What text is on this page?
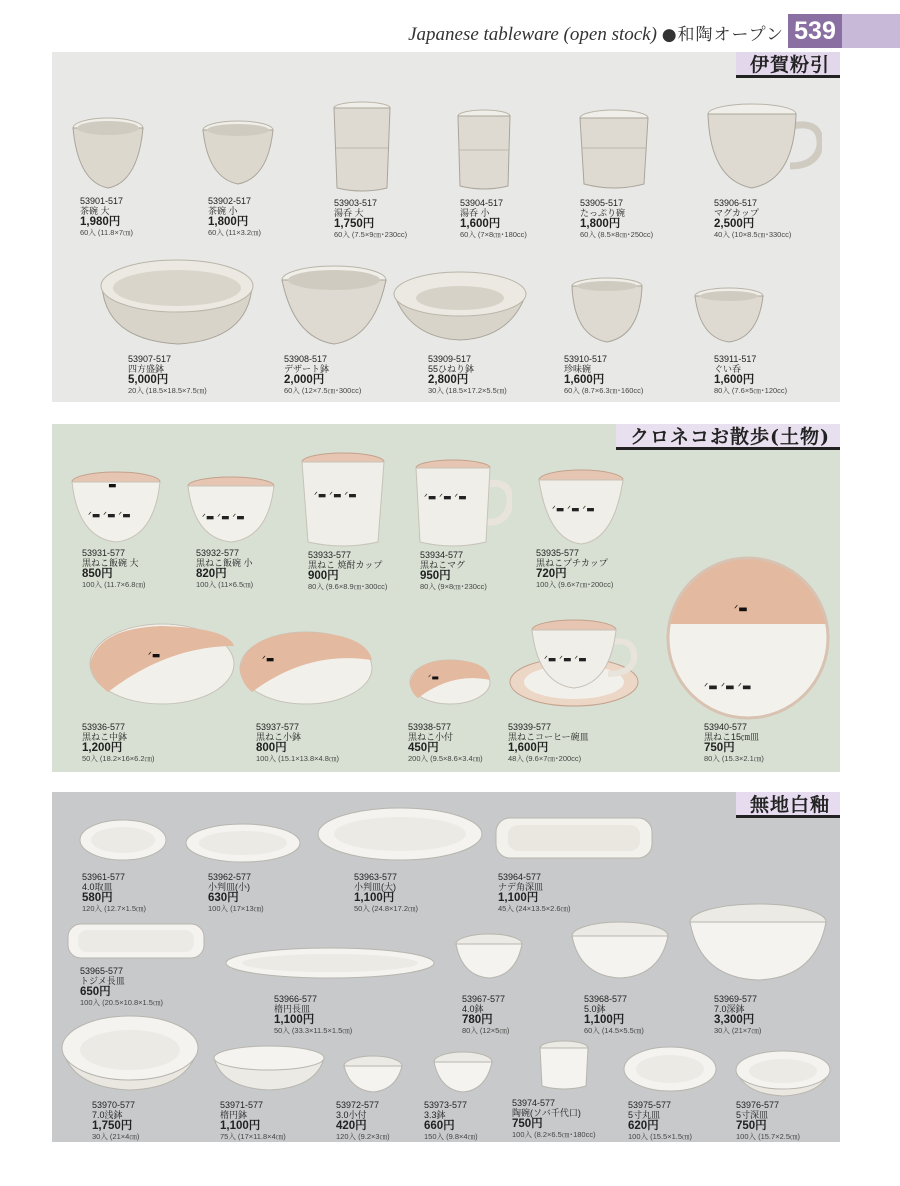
Japanese tableware (open stock) ●和陶オープン 539
伊賀粉引
53901-517
茶碗 大
1,980円
60入 (11.8×7㎝)
53902-517
茶碗 小
1,800円
60入 (11×3.2㎝)
53903-517
湯呑 大
1,750円
60入 (7.5×9㎝･230cc)
53904-517
湯呑 小
1,600円
60入 (7×8㎝･180cc)
53905-517
たっぷり碗
1,800円
60入 (8.5×8㎝･250cc)
53906-517
マグカップ
2,500円
40入 (10×8.5㎝･330cc)
53907-517
四方盛鉢
5,000円
20入 (18.5×18.5×7.5㎝)
53908-517
デザート鉢
2,000円
60入 (12×7.5㎝･300cc)
53909-517
55ひねり鉢
2,800円
30入 (18.5×17.2×5.5㎝)
53910-517
珍味碗
1,600円
60入 (8.7×6.3㎝･160cc)
53911-517
ぐい呑
1,600円
80入 (7.6×5㎝･120cc)
クロネコお散歩(土物)
ᐟ▬ ᐟ▬ ᐟ▬
▬
53931-577
黒ねこ飯碗 大
850円
100入 (11.7×6.8㎝)
ᐟ▬ ᐟ▬ ᐟ▬
53932-577
黒ねこ飯碗 小
820円
100入 (11×6.5㎝)
ᐟ▬ ᐟ▬ ᐟ▬
53933-577
黒ねこ 焼酎カップ
900円
80入 (9.6×8.9㎝･300cc)
ᐟ▬ ᐟ▬ ᐟ▬
53934-577
黒ねこマグ
950円
80入 (9×8㎝･230cc)
ᐟ▬ ᐟ▬ ᐟ▬
53935-577
黒ねこプチカップ
720円
100入 (9.6×7㎝･200cc)
ᐟ▬
53936-577
黒ねこ中鉢
1,200円
50入 (18.2×16×6.2㎝)
ᐟ▬
53937-577
黒ねこ小鉢
800円
100入 (15.1×13.8×4.8㎝)
ᐟ▬
53938-577
黒ねこ小付
450円
200入 (9.5×8.6×3.4㎝)
ᐟ▬ ᐟ▬ ᐟ▬
53939-577
黒ねこコーヒー碗皿
1,600円
48入 (9.6×7㎝･200cc)
ᐟ▬
ᐟ▬ ᐟ▬ ᐟ▬
53940-577
黒ねこ15㎝皿
750円
80入 (15.3×2.1㎝)
無地白釉
53961-577
4.0取皿
580円
120入 (12.7×1.5㎝)
53962-577
小判皿(小)
630円
100入 (17×13㎝)
53963-577
小判皿(大)
1,100円
50入 (24.8×17.2㎝)
53964-577
ナデ角深皿
1,100円
45入 (24×13.5×2.6㎝)
53965-577
トジメ長皿
650円
100入 (20.5×10.8×1.5㎝)	53966-577
楕円長皿
1,100円
50入 (33.3×11.5×1.5㎝)
53967-577
4.0鉢
780円
80入 (12×5㎝)
53968-577
5.0鉢
1,100円
60入 (14.5×5.5㎝)
53969-577
7.0深鉢
3,300円
30入 (21×7㎝)
53970-577
7.0浅鉢
1,750円
30入 (21×4㎝)
53971-577
楕円鉢
1,100円
75入 (17×11.8×4㎝)
53972-577
3.0小付
420円
120入 (9.2×3㎝)
53973-577
3.3鉢
660円
150入 (9.8×4㎝)
53974-577
陶碗(ソバ千代口)
750円
100入 (8.2×6.5㎝･180cc)
53975-577
5寸丸皿
620円
100入 (15.5×1.5㎝)
53976-577
5寸深皿
750円
100入 (15.7×2.5㎝)
